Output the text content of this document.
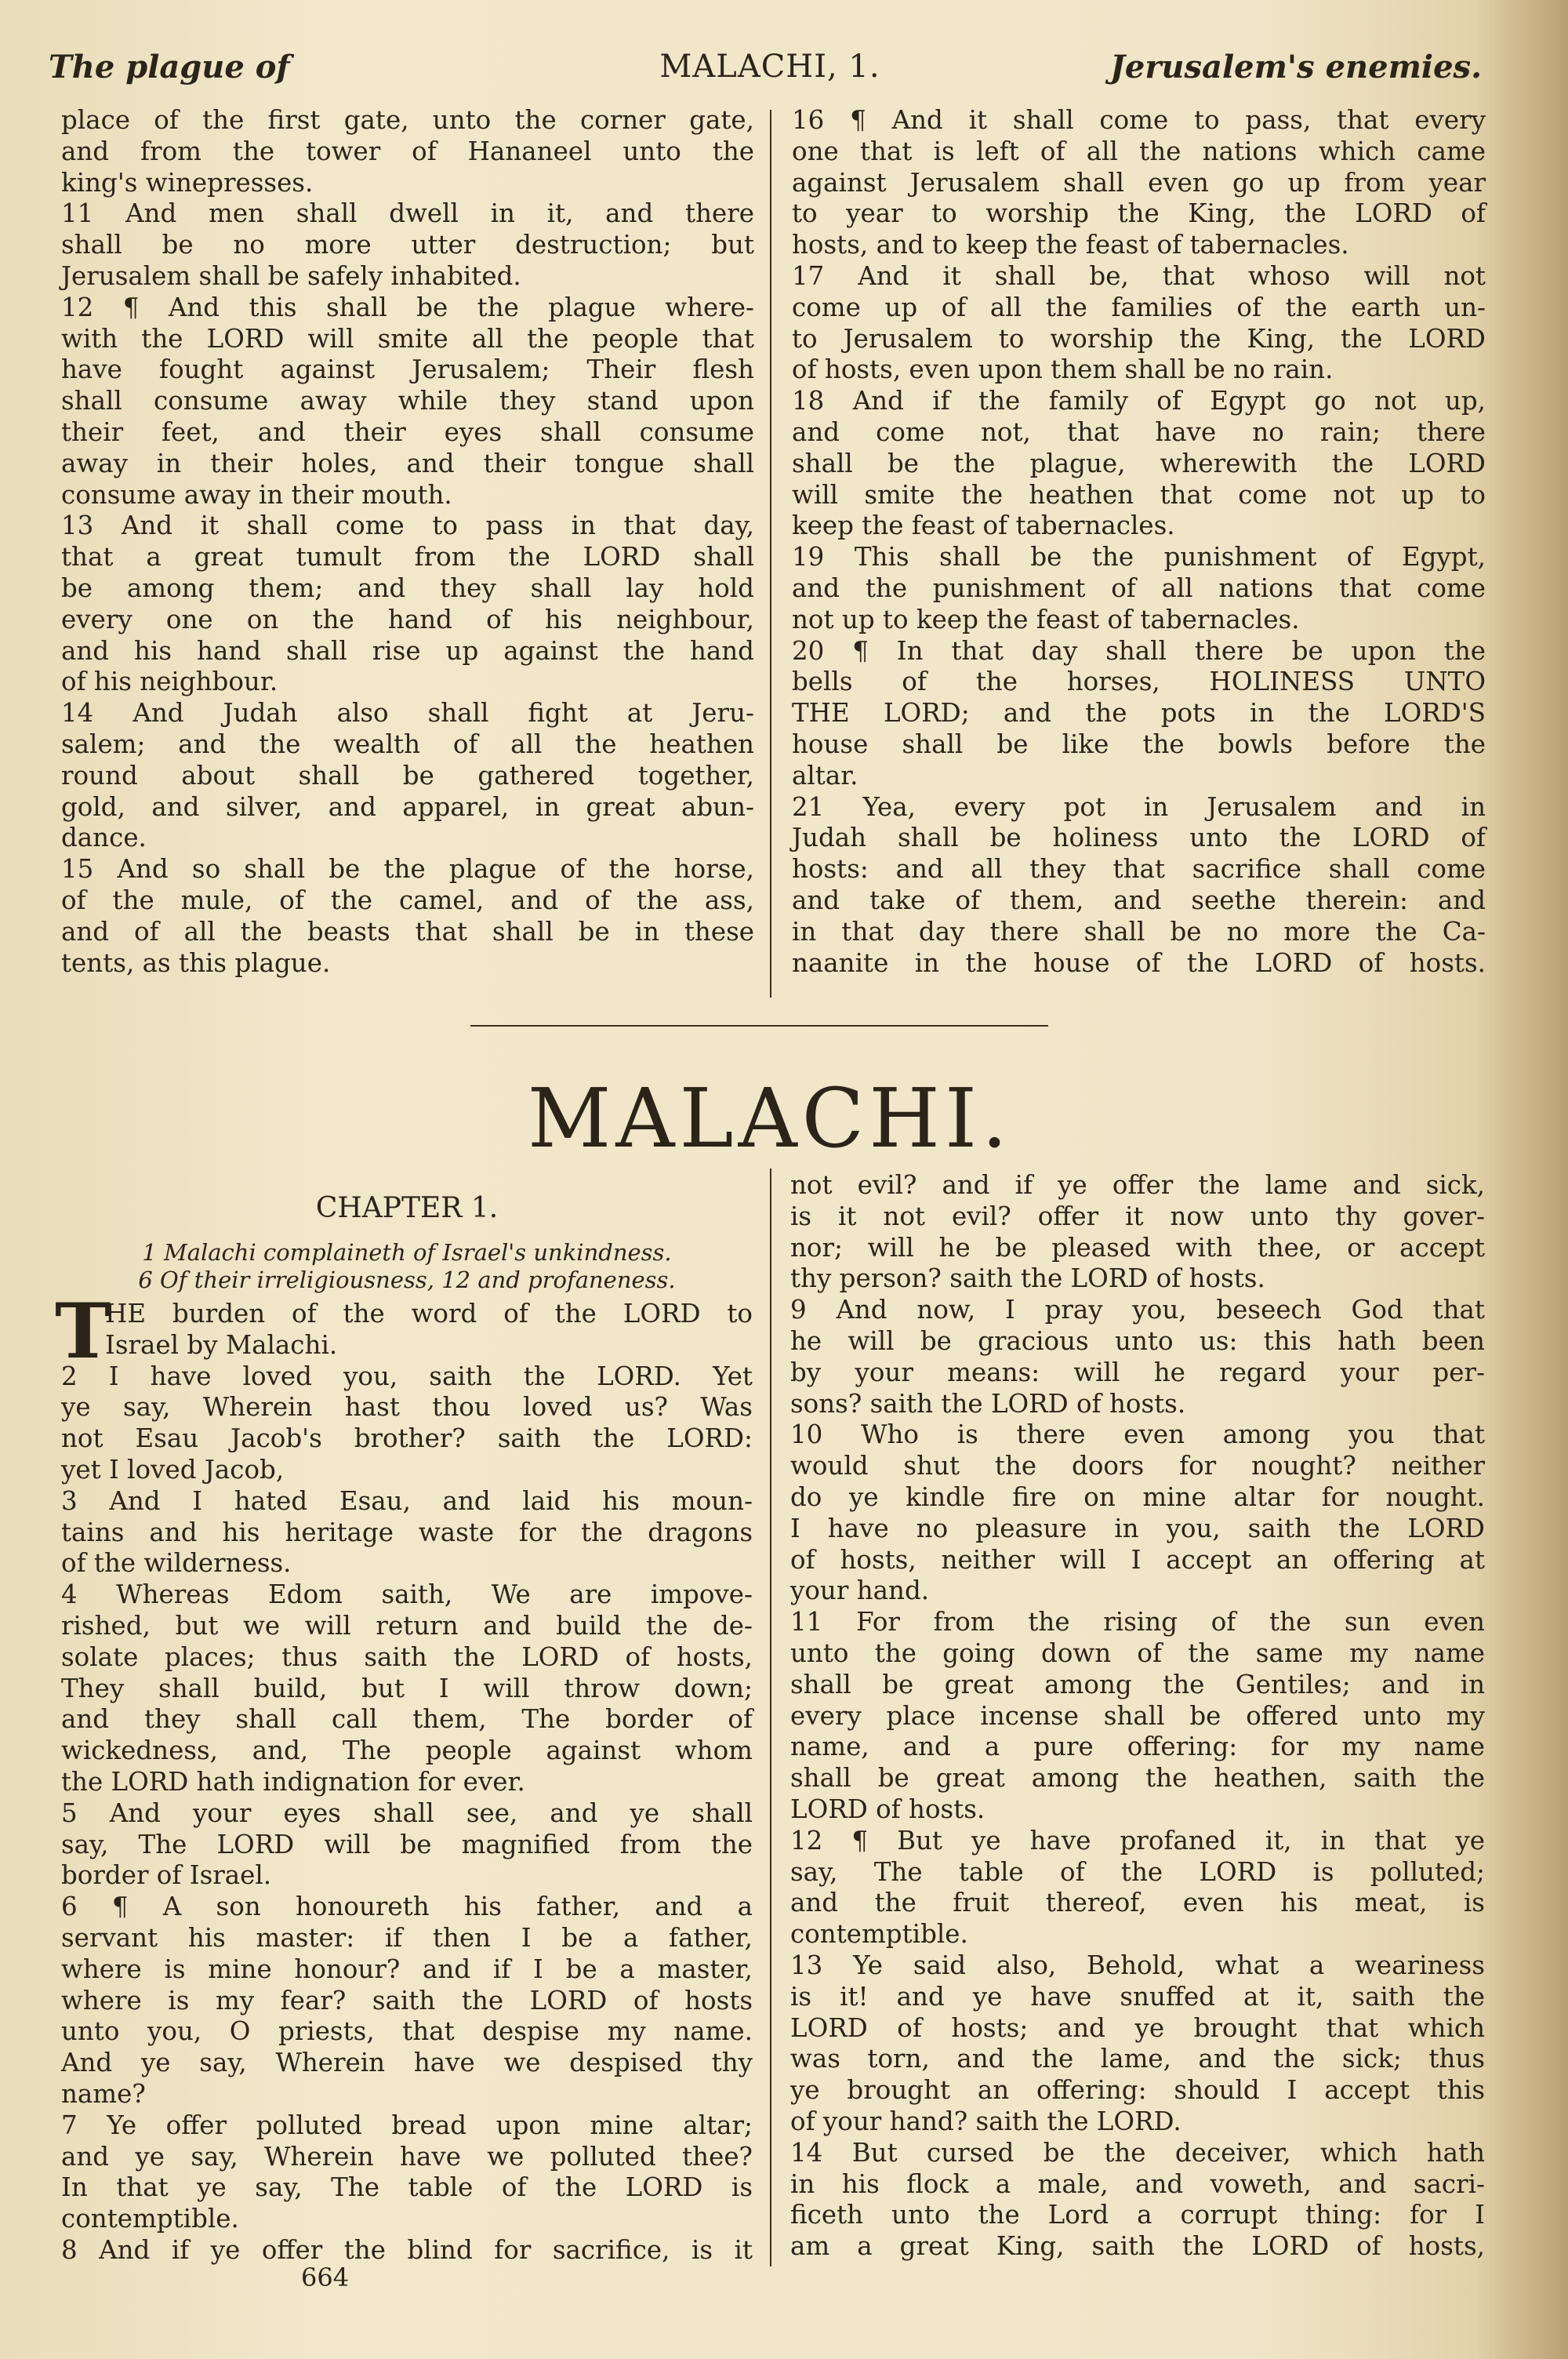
The plague of	MALACHI, 1.	Jerusalem's enemies.
place of the first gate, unto the corner gate,
and from the tower of Hananeel unto the
king's winepresses.
11 And men shall dwell in it, and there
shall be no more utter destruction; but
Jerusalem shall be safely inhabited.
12 ¶ And this shall be the plague where-
with the LORD will smite all the people that
have fought against Jerusalem; Their flesh
shall consume away while they stand upon
their feet, and their eyes shall consume
away in their holes, and their tongue shall
consume away in their mouth.
13 And it shall come to pass in that day,
that a great tumult from the LORD shall
be among them; and they shall lay hold
every one on the hand of his neighbour,
and his hand shall rise up against the hand
of his neighbour.
14 And Judah also shall fight at Jeru-
salem; and the wealth of all the heathen
round about shall be gathered together,
gold, and silver, and apparel, in great abun-
dance.
15 And so shall be the plague of the horse,
of the mule, of the camel, and of the ass,
and of all the beasts that shall be in these
tents, as this plague.
16 ¶ And it shall come to pass, that every
one that is left of all the nations which came
against Jerusalem shall even go up from year
to year to worship the King, the LORD of
hosts, and to keep the feast of tabernacles.
17 And it shall be, that whoso will not
come up of all the families of the earth un-
to Jerusalem to worship the King, the LORD
of hosts, even upon them shall be no rain.
18 And if the family of Egypt go not up,
and come not, that have no rain; there
shall be the plague, wherewith the LORD
will smite the heathen that come not up to
keep the feast of tabernacles.
19 This shall be the punishment of Egypt,
and the punishment of all nations that come
not up to keep the feast of tabernacles.
20 ¶ In that day shall there be upon the
bells of the horses, HOLINESS UNTO
THE LORD; and the pots in the LORD'S
house shall be like the bowls before the
altar.
21 Yea, every pot in Jerusalem and in
Judah shall be holiness unto the LORD of
hosts: and all they that sacrifice shall come
and take of them, and seethe therein: and
in that day there shall be no more the Ca-
naanite in the house of the LORD of hosts.
MALACHI.
CHAPTER 1.
1 Malachi complaineth of Israel's unkindness.
6 Of their irreligiousness, 12 and profaneness.
T
HE burden of the word of the LORD to
Israel by Malachi.
2 I have loved you, saith the LORD. Yet
ye say, Wherein hast thou loved us? Was
not Esau Jacob's brother? saith the LORD:
yet I loved Jacob,
3 And I hated Esau, and laid his moun-
tains and his heritage waste for the dragons
of the wilderness.
4 Whereas Edom saith, We are impove-
rished, but we will return and build the de-
solate places; thus saith the LORD of hosts,
They shall build, but I will throw down;
and they shall call them, The border of
wickedness, and, The people against whom
the LORD hath indignation for ever.
5 And your eyes shall see, and ye shall
say, The LORD will be magnified from the
border of Israel.
6 ¶ A son honoureth his father, and a
servant his master: if then I be a father,
where is mine honour? and if I be a master,
where is my fear? saith the LORD of hosts
unto you, O priests, that despise my name.
And ye say, Wherein have we despised thy
name?
7 Ye offer polluted bread upon mine altar;
and ye say, Wherein have we polluted thee?
In that ye say, The table of the LORD is
contemptible.
8 And if ye offer the blind for sacrifice, is it
not evil? and if ye offer the lame and sick,
is it not evil? offer it now unto thy gover-
nor; will he be pleased with thee, or accept
thy person? saith the LORD of hosts.
9 And now, I pray you, beseech God that
he will be gracious unto us: this hath been
by your means: will he regard your per-
sons? saith the LORD of hosts.
10 Who is there even among you that
would shut the doors for nought? neither
do ye kindle fire on mine altar for nought.
I have no pleasure in you, saith the LORD
of hosts, neither will I accept an offering at
your hand.
11 For from the rising of the sun even
unto the going down of the same my name
shall be great among the Gentiles; and in
every place incense shall be offered unto my
name, and a pure offering: for my name
shall be great among the heathen, saith the
LORD of hosts.
12 ¶ But ye have profaned it, in that ye
say, The table of the LORD is polluted;
and the fruit thereof, even his meat, is
contemptible.
13 Ye said also, Behold, what a weariness
is it! and ye have snuffed at it, saith the
LORD of hosts; and ye brought that which
was torn, and the lame, and the sick; thus
ye brought an offering: should I accept this
of your hand? saith the LORD.
14 But cursed be the deceiver, which hath
in his flock a male, and voweth, and sacri-
ficeth unto the Lord a corrupt thing: for I
am a great King, saith the LORD of hosts,
664
